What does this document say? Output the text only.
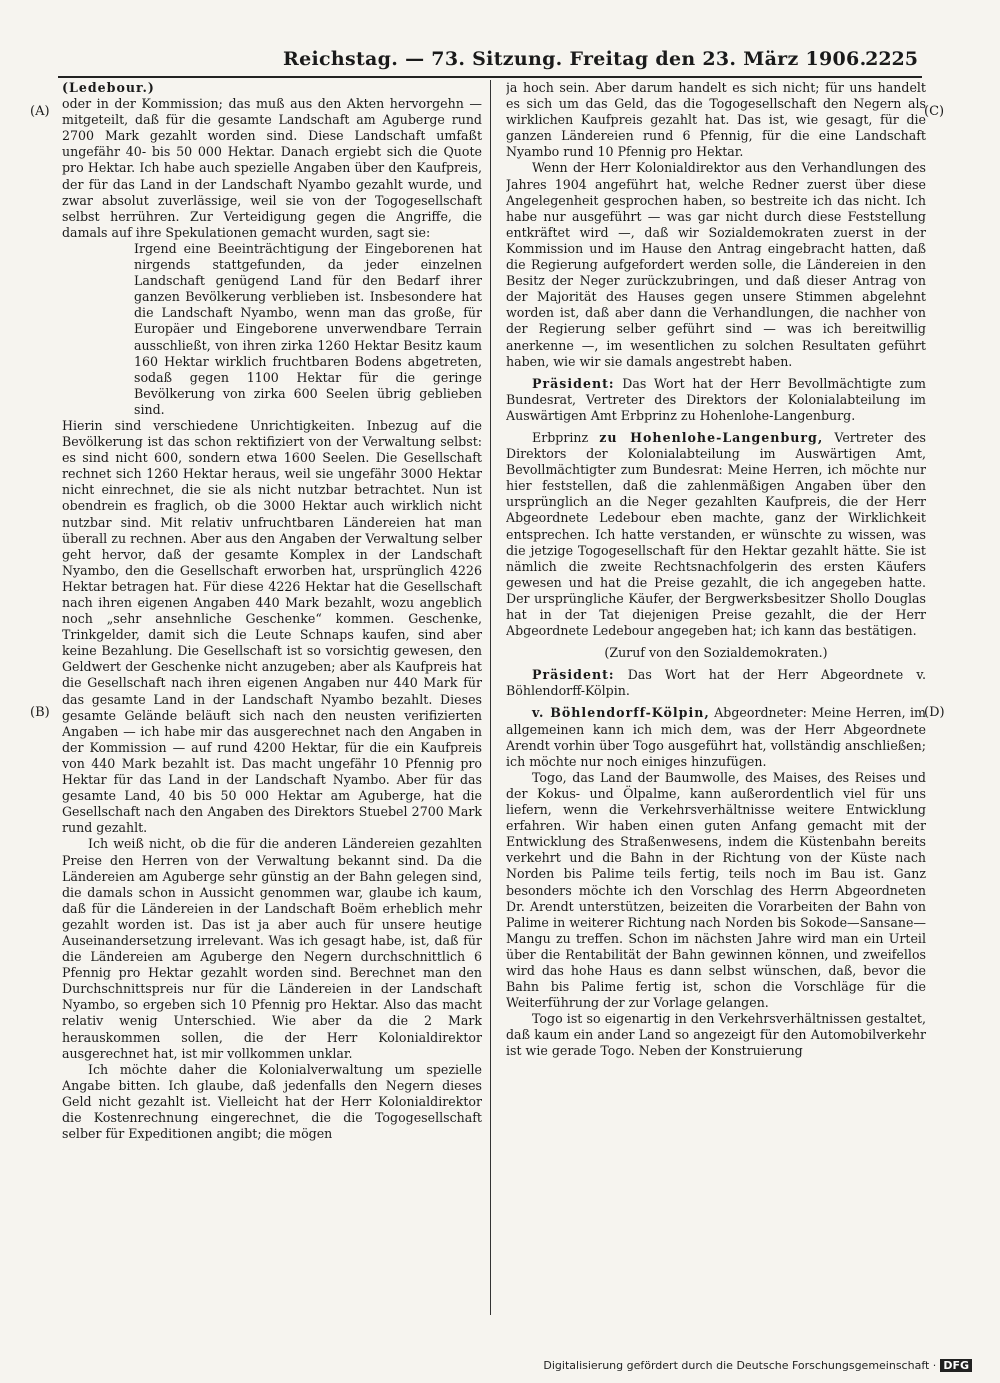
Reichstag. — 73. Sitzung. Freitag den 23. März 1906.
2225
(A)
(B)
(C)
(D)

(Ledebour.)

oder in der Kommission; das muß aus den Akten hervorgehn — mitgeteilt, daß für die gesamte Landschaft am Aguberge rund 2700 Mark gezahlt worden sind. Diese Landschaft umfaßt ungefähr 40- bis 50 000 Hektar. Danach ergiebt sich die Quote pro Hektar. Ich habe auch spezielle Angaben über den Kaufpreis, der für das Land in der Landschaft Nyambo gezahlt wurde, und zwar absolut zuverlässige, weil sie von der Togogesellschaft selbst herrühren. Zur Verteidigung gegen die Angriffe, die damals auf ihre Spekulationen gemacht wurden, sagt sie:

Irgend eine Beeinträchtigung der Eingeborenen hat nirgends stattgefunden, da jeder einzelnen Landschaft genügend Land für den Bedarf ihrer ganzen Bevölkerung verblieben ist. Insbesondere hat die Landschaft Nyambo, wenn man das große, für Europäer und Eingeborene unverwendbare Terrain ausschließt, von ihren zirka 1260 Hektar Besitz kaum 160 Hektar wirklich fruchtbaren Bodens abgetreten, sodaß gegen 1100 Hektar für die geringe Bevölkerung von zirka 600 Seelen übrig geblieben sind.

Hierin sind verschiedene Unrichtigkeiten. Inbezug auf die Bevölkerung ist das schon rektifiziert von der Verwaltung selbst: es sind nicht 600, sondern etwa 1600 Seelen. Die Gesellschaft rechnet sich 1260 Hektar heraus, weil sie ungefähr 3000 Hektar nicht einrechnet, die sie als nicht nutzbar betrachtet. Nun ist obendrein es fraglich, ob die 3000 Hektar auch wirklich nicht nutzbar sind. Mit relativ unfruchtbaren Ländereien hat man überall zu rechnen. Aber aus den Angaben der Verwaltung selber geht hervor, daß der gesamte Komplex in der Landschaft Nyambo, den die Gesellschaft erworben hat, ursprünglich 4226 Hektar betragen hat. Für diese 4226 Hektar hat die Gesellschaft nach ihren eigenen Angaben 440 Mark bezahlt, wozu angeblich noch „sehr ansehnliche Geschenke“ kommen. Geschenke, Trinkgelder, damit sich die Leute Schnaps kaufen, sind aber keine Bezahlung. Die Gesellschaft ist so vorsichtig gewesen, den Geldwert der Geschenke nicht anzugeben; aber als Kaufpreis hat die Gesellschaft nach ihren eigenen Angaben nur 440 Mark für das gesamte Land in der Landschaft Nyambo bezahlt. Dieses gesamte Gelände beläuft sich nach den neusten verifizierten Angaben — ich habe mir das ausgerechnet nach den Angaben in der Kommission — auf rund 4200 Hektar, für die ein Kaufpreis von 440 Mark bezahlt ist. Das macht ungefähr 10 Pfennig pro Hektar für das Land in der Landschaft Nyambo. Aber für das gesamte Land, 40 bis 50 000 Hektar am Aguberge, hat die Gesellschaft nach den Angaben des Direktors Stuebel 2700 Mark rund gezahlt.

Ich weiß nicht, ob die für die anderen Ländereien gezahlten Preise den Herren von der Verwaltung bekannt sind. Da die Ländereien am Aguberge sehr günstig an der Bahn gelegen sind, die damals schon in Aussicht genommen war, glaube ich kaum, daß für die Ländereien in der Landschaft Boëm erheblich mehr gezahlt worden ist. Das ist ja aber auch für unsere heutige Auseinandersetzung irrelevant. Was ich gesagt habe, ist, daß für die Ländereien am Aguberge den Negern durchschnittlich 6 Pfennig pro Hektar gezahlt worden sind. Berechnet man den Durchschnittspreis nur für die Ländereien in der Landschaft Nyambo, so ergeben sich 10 Pfennig pro Hektar. Also das macht relativ wenig Unterschied. Wie aber da die 2 Mark herauskommen sollen, die der Herr Kolonialdirektor ausgerechnet hat, ist mir vollkommen unklar.

Ich möchte daher die Kolonialverwaltung um spezielle Angabe bitten. Ich glaube, daß jedenfalls den Negern dieses Geld nicht gezahlt ist. Vielleicht hat der Herr Kolonialdirektor die Kostenrechnung eingerechnet, die die Togogesellschaft selber für Expeditionen angibt; die mögen

ja hoch sein. Aber darum handelt es sich nicht; für uns handelt es sich um das Geld, das die Togogesellschaft den Negern als wirklichen Kaufpreis gezahlt hat. Das ist, wie gesagt, für die ganzen Ländereien rund 6 Pfennig, für die eine Landschaft Nyambo rund 10 Pfennig pro Hektar.

Wenn der Herr Kolonialdirektor aus den Verhandlungen des Jahres 1904 angeführt hat, welche Redner zuerst über diese Angelegenheit gesprochen haben, so bestreite ich das nicht. Ich habe nur ausgeführt — was gar nicht durch diese Feststellung entkräftet wird —, daß wir Sozialdemokraten zuerst in der Kommission und im Hause den Antrag eingebracht hatten, daß die Regierung aufgefordert werden solle, die Ländereien in den Besitz der Neger zurückzubringen, und daß dieser Antrag von der Majorität des Hauses gegen unsere Stimmen abgelehnt worden ist, daß aber dann die Verhandlungen, die nachher von der Regierung selber geführt sind — was ich bereitwillig anerkenne —, im wesentlichen zu solchen Resultaten geführt haben, wie wir sie damals angestrebt haben.

Präsident: Das Wort hat der Herr Bevollmächtigte zum Bundesrat, Vertreter des Direktors der Kolonialabteilung im Auswärtigen Amt Erbprinz zu Hohenlohe-Langenburg.

Erbprinz zu Hohenlohe-Langenburg, Vertreter des Direktors der Kolonialabteilung im Auswärtigen Amt, Bevollmächtigter zum Bundesrat: Meine Herren, ich möchte nur hier feststellen, daß die zahlenmäßigen Angaben über den ursprünglich an die Neger gezahlten Kaufpreis, die der Herr Abgeordnete Ledebour eben machte, ganz der Wirklichkeit entsprechen. Ich hatte verstanden, er wünschte zu wissen, was die jetzige Togogesellschaft für den Hektar gezahlt hätte. Sie ist nämlich die zweite Rechtsnachfolgerin des ersten Käufers gewesen und hat die Preise gezahlt, die ich angegeben hatte. Der ursprüngliche Käufer, der Bergwerksbesitzer Shollo Douglas hat in der Tat diejenigen Preise gezahlt, die der Herr Abgeordnete Ledebour angegeben hat; ich kann das bestätigen.

(Zuruf von den Sozialdemokraten.)

Präsident: Das Wort hat der Herr Abgeordnete v. Böhlendorff-Kölpin.

v. Böhlendorff-Kölpin, Abgeordneter: Meine Herren, im allgemeinen kann ich mich dem, was der Herr Abgeordnete Arendt vorhin über Togo ausgeführt hat, vollständig anschließen; ich möchte nur noch einiges hinzufügen.

Togo, das Land der Baumwolle, des Maises, des Reises und der Kokus- und Ölpalme, kann außerordentlich viel für uns liefern, wenn die Verkehrsverhältnisse weitere Entwicklung erfahren. Wir haben einen guten Anfang gemacht mit der Entwicklung des Straßenwesens, indem die Küstenbahn bereits verkehrt und die Bahn in der Richtung von der Küste nach Norden bis Palime teils fertig, teils noch im Bau ist. Ganz besonders möchte ich den Vorschlag des Herrn Abgeordneten Dr. Arendt unterstützen, beizeiten die Vorarbeiten der Bahn von Palime in weiterer Richtung nach Norden bis Sokode—Sansane—Mangu zu treffen. Schon im nächsten Jahre wird man ein Urteil über die Rentabilität der Bahn gewinnen können, und zweifellos wird das hohe Haus es dann selbst wünschen, daß, bevor die Bahn bis Palime fertig ist, schon die Vorschläge für die Weiterführung der zur Vorlage gelangen.

Togo ist so eigenartig in den Verkehrsverhältnissen gestaltet, daß kaum ein ander Land so angezeigt für den Automobilverkehr ist wie gerade Togo. Neben der Konstruierung

Digitalisierung gefördert durch die Deutsche Forschungsgemeinschaft · DFG
